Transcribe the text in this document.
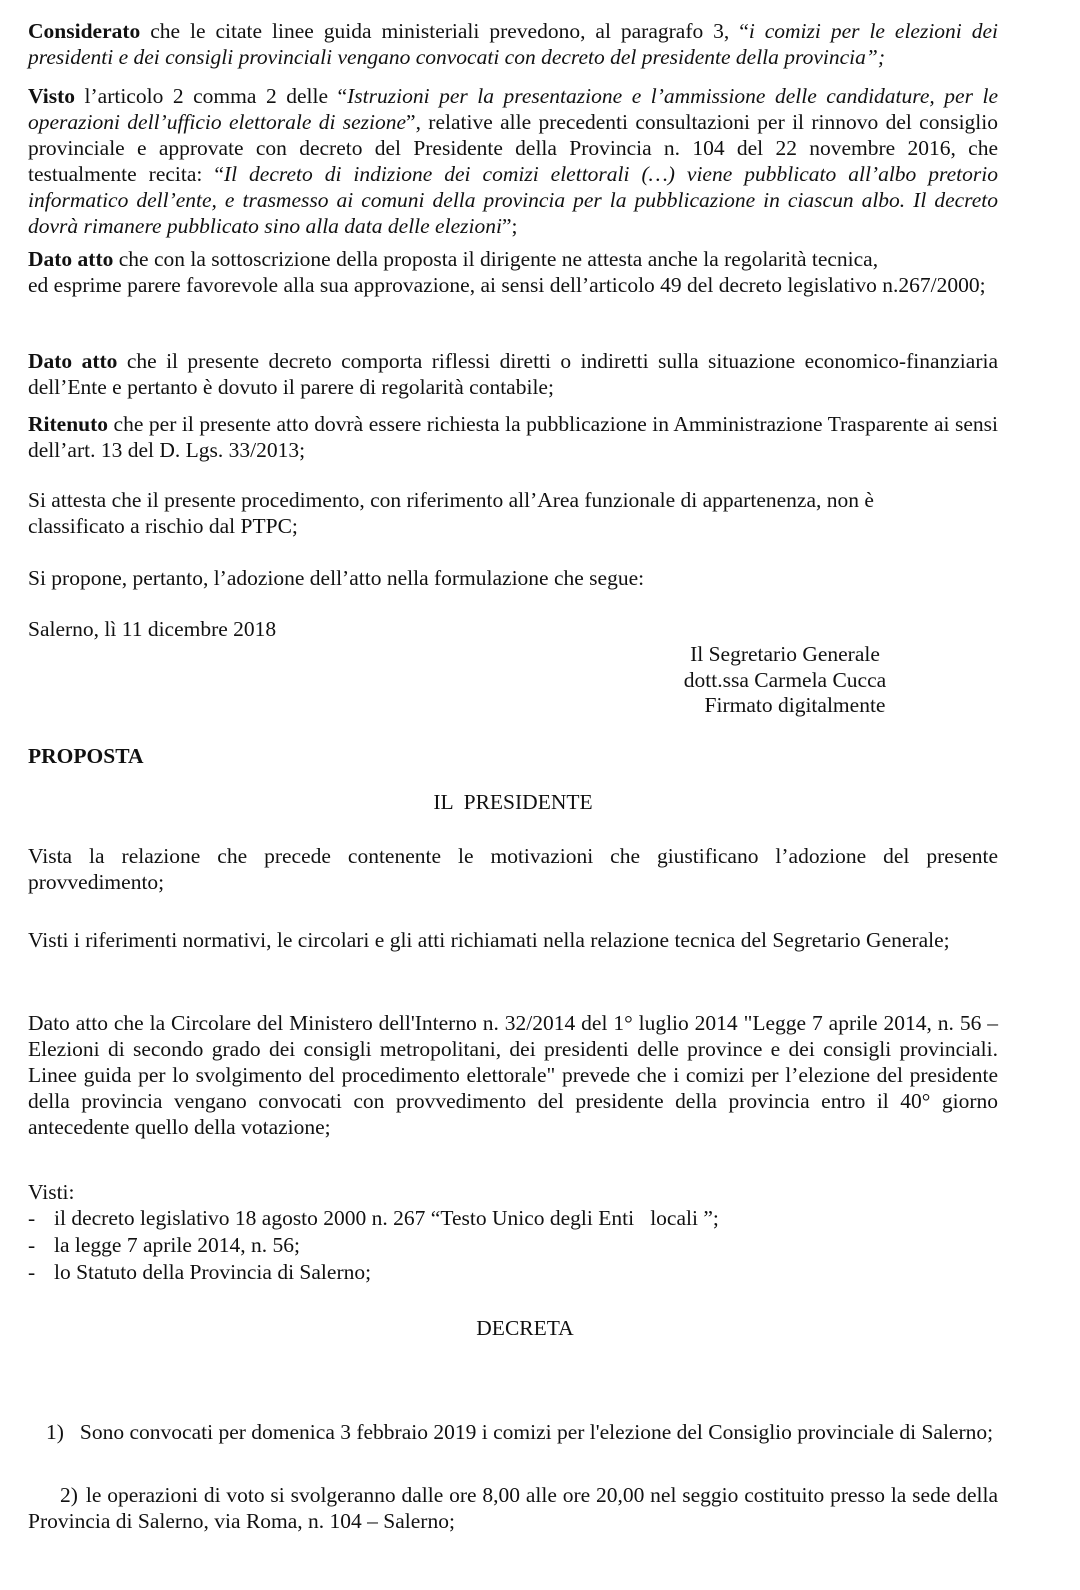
Considerato che le citate linee guida ministeriali prevedono, al paragrafo 3, “i comizi per le elezioni dei presidenti e dei consigli provinciali vengano convocati con decreto del presidente della provincia”;

Visto l’articolo 2 comma 2 delle “Istruzioni per la presentazione e l’ammissione delle candidature, per le operazioni dell’ufficio elettorale di sezione”, relative alle precedenti consultazioni per il rinnovo del consiglio provinciale e approvate con decreto del Presidente della Provincia n. 104 del 22 novembre 2016, che testualmente recita: “Il decreto di indizione dei comizi elettorali (…) viene pubblicato all’albo pretorio informatico dell’ente, e trasmesso ai comuni della provincia per la pubblicazione in ciascun albo. Il decreto dovrà rimanere pubblicato sino alla data delle elezioni”;

Dato atto che con la sottoscrizione della proposta il dirigente ne attesta anche la regolarità tecnica,

ed esprime parere favorevole alla sua approvazione, ai sensi dell’articolo 49 del decreto legislativo n.267/2000;

Dato atto che il presente decreto comporta riflessi diretti o indiretti sulla situazione economico-finanziaria dell’Ente e pertanto è dovuto il parere di regolarità contabile;

Ritenuto che per il presente atto dovrà essere richiesta la pubblicazione in Amministrazione Trasparente ai sensi dell’art. 13 del D. Lgs. 33/2013;

Si attesta che il presente procedimento, con riferimento all’Area funzionale di appartenenza, non è

classificato a rischio dal PTPC;

Si propone, pertanto, l’adozione dell’atto nella formulazione che segue:

Salerno, lì 11 dicembre 2018

Il Segretario Generale
dott.ssa Carmela Cucca
Firmato digitalmente

PROPOSTA

IL  PRESIDENTE

Vista la relazione che precede contenente le motivazioni che giustificano l’adozione del presente provvedimento;

Visti i riferimenti normativi, le circolari e gli atti richiamati nella relazione tecnica del Segretario Generale;

Dato atto che la Circolare del Ministero dell'Interno n. 32/2014 del 1° luglio 2014 "Legge 7 aprile 2014, n. 56 – Elezioni di secondo grado dei consigli metropolitani, dei presidenti delle province e dei consigli provinciali. Linee guida per lo svolgimento del procedimento elettorale" prevede che i comizi per l’elezione del presidente della provincia vengano convocati con provvedimento del presidente della provincia entro il 40° giorno antecedente quello della votazione;

Visti:

- il decreto legislativo 18 agosto 2000 n. 267 “Testo Unico degli Enti   locali ”;
- la legge 7 aprile 2014, n. 56;
- lo Statuto della Provincia di Salerno;
DECRETA

1) Sono convocati per domenica 3 febbraio 2019 i comizi per l'elezione del Consiglio provinciale di Salerno;

2) le operazioni di voto si svolgeranno dalle ore 8,00 alle ore 20,00 nel seggio costituito presso la sede della Provincia di Salerno, via Roma, n. 104 – Salerno;
